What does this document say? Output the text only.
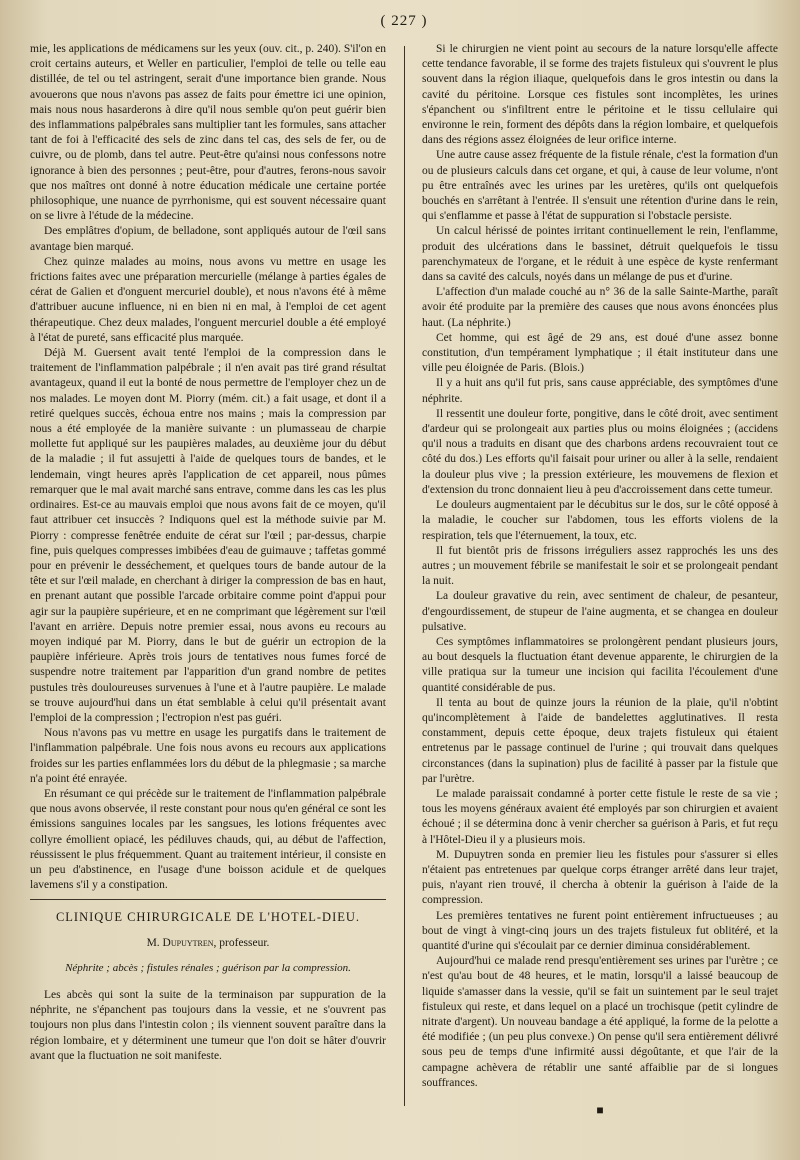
( 227 )

mie, les applications de médicamens sur les yeux (ouv. cit., p. 240). S'il'on en croit certains auteurs, et Weller en particulier, l'emploi de telle ou telle eau distillée, de tel ou tel astringent, serait d'une importance bien grande. Nous avouerons que nous n'avons pas assez de faits pour émettre ici une opinion, mais nous nous hasarderons à dire qu'il nous semble qu'on peut guérir bien des inflammations palpébrales sans multiplier tant les formules, sans attacher tant de foi à l'efficacité des sels de zinc dans tel cas, des sels de fer, ou de cuivre, ou de plomb, dans tel autre. Peut-être qu'ainsi nous confessons notre ignorance à bien des personnes ; peut-être, pour d'autres, ferons-nous savoir que nos maîtres ont donné à notre éducation médicale une certaine portée philosophique, une nuance de pyrrhonisme, qui est souvent nécessaire quant on se livre à l'étude de la médecine.

Des emplâtres d'opium, de belladone, sont appliqués autour de l'œil sans avantage bien marqué.

Chez quinze malades au moins, nous avons vu mettre en usage les frictions faites avec une préparation mercurielle (mélange à parties égales de cérat de Galien et d'onguent mercuriel double), et nous n'avons été à même d'attribuer aucune influence, ni en bien ni en mal, à l'emploi de cet agent thérapeutique. Chez deux malades, l'onguent mercuriel double a été employé à l'état de pureté, sans efficacité plus marquée.

Déjà M. Guersent avait tenté l'emploi de la compression dans le traitement de l'inflammation palpébrale ; il n'en avait pas tiré grand résultat avantageux, quand il eut la bonté de nous permettre de l'employer chez un de nos malades. Le moyen dont M. Piorry (mém. cit.) a fait usage, et dont il a retiré quelques succès, échoua entre nos mains ; mais la compression par nous a été employée de la manière suivante : un plumasseau de charpie mollette fut appliqué sur les paupières malades, au deuxième jour du début de la maladie ; il fut assujetti à l'aide de quelques tours de bandes, et le lendemain, vingt heures après l'application de cet appareil, nous pûmes remarquer que le mal avait marché sans entrave, comme dans les cas les plus ordinaires. Est-ce au mauvais emploi que nous avons fait de ce moyen, qu'il faut attribuer cet insuccès ? Indiquons quel est la méthode suivie par M. Piorry : compresse fenêtrée enduite de cérat sur l'œil ; par-dessus, charpie fine, puis quelques compresses imbibées d'eau de guimauve ; taffetas gommé pour en prévenir le desséchement, et quelques tours de bande autour de la tête et sur l'œil malade, en cherchant à diriger la compression de bas en haut, en prenant autant que possible l'arcade orbitaire comme point d'appui pour agir sur la paupière supérieure, et en ne comprimant que légèrement sur l'œil l'avant en arrière. Depuis notre premier essai, nous avons eu recours au moyen indiqué par M. Piorry, dans le but de guérir un ectropion de la paupière inférieure. Après trois jours de tentatives nous fumes forcé de suspendre notre traitement par l'apparition d'un grand nombre de petites pustules très douloureuses survenues à l'une et à l'autre paupière. Le malade se trouve aujourd'hui dans un état semblable à celui qu'il présentait avant l'emploi de la compression ; l'ectropion n'est pas guéri.

Nous n'avons pas vu mettre en usage les purgatifs dans le traitement de l'inflammation palpébrale. Une fois nous avons eu recours aux applications froides sur les parties enflammées lors du début de la phlegmasie ; sa marche n'a point été enrayée.

En résumant ce qui précède sur le traitement de l'inflammation palpébrale que nous avons observée, il reste constant pour nous qu'en général ce sont les émissions sanguines locales par les sangsues, les lotions fréquentes avec collyre émollient opiacé, les pédiluves chauds, qui, au début de l'affection, réussissent le plus fréquemment. Quant au traitement intérieur, il consiste en un peu d'abstinence, en l'usage d'une boisson acidule et de quelques lavemens s'il y a constipation.

CLINIQUE CHIRURGICALE DE L'HOTEL-DIEU.
M. Dupuytren, professeur.
Néphrite ; abcès ; fistules rénales ; guérison par la compression.

Les abcès qui sont la suite de la terminaison par suppuration de la néphrite, ne s'épanchent pas toujours dans la vessie, et ne s'ouvrent pas toujours non plus dans l'intestin colon ; ils viennent souvent paraître dans la région lombaire, et y déterminent une tumeur que l'on doit se hâter d'ouvrir avant que la fluctuation ne soit manifeste.

Si le chirurgien ne vient point au secours de la nature lorsqu'elle affecte cette tendance favorable, il se forme des trajets fistuleux qui s'ouvrent le plus souvent dans la région iliaque, quelquefois dans le gros intestin ou dans la cavité du péritoine. Lorsque ces fistules sont incomplètes, les urines s'épanchent ou s'infiltrent entre le péritoine et le tissu cellulaire qui environne le rein, forment des dépôts dans la région lombaire, et quelquefois dans des régions assez éloignées de leur orifice interne.

Une autre cause assez fréquente de la fistule rénale, c'est la formation d'un ou de plusieurs calculs dans cet organe, et qui, à cause de leur volume, n'ont pu être entraînés avec les urines par les uretères, qu'ils ont quelquefois bouchés en s'arrêtant à l'entrée. Il s'ensuit une rétention d'urine dans le rein, qui s'enflamme et passe à l'état de suppuration si l'obstacle persiste.

Un calcul hérissé de pointes irritant continuellement le rein, l'enflamme, produit des ulcérations dans le bassinet, détruit quelquefois le tissu parenchymateux de l'organe, et le réduit à une espèce de kyste renfermant dans sa cavité des calculs, noyés dans un mélange de pus et d'urine.

L'affection d'un malade couché au n° 36 de la salle Sainte-Marthe, paraît avoir été produite par la première des causes que nous avons énoncées plus haut. (La néphrite.)

Cet homme, qui est âgé de 29 ans, est doué d'une assez bonne constitution, d'un tempérament lymphatique ; il était instituteur dans une ville peu éloignée de Paris. (Blois.)

Il y a huit ans qu'il fut pris, sans cause appréciable, des symptômes d'une néphrite.

Il ressentit une douleur forte, pongitive, dans le côté droit, avec sentiment d'ardeur qui se prolongeait aux parties plus ou moins éloignées ; (accidens qu'il nous a traduits en disant que des charbons ardens recouvraient tout ce côté du dos.) Les efforts qu'il faisait pour uriner ou aller à la selle, rendaient la douleur plus vive ; la pression extérieure, les mouvemens de flexion et d'extension du tronc donnaient lieu à peu d'accroissement dans cette tumeur.

Le douleurs augmentaient par le décubitus sur le dos, sur le côté opposé à la maladie, le coucher sur l'abdomen, tous les efforts violens de la respiration, tels que l'éternuement, la toux, etc.

Il fut bientôt pris de frissons irréguliers assez rapprochés les uns des autres ; un mouvement fébrile se manifestait le soir et se prolongeait pendant la nuit.

La douleur gravative du rein, avec sentiment de chaleur, de pesanteur, d'engourdissement, de stupeur de l'aine augmenta, et se changea en douleur pulsative.

Ces symptômes inflammatoires se prolongèrent pendant plusieurs jours, au bout desquels la fluctuation étant devenue apparente, le chirurgien de la ville pratiqua sur la tumeur une incision qui facilita l'écoulement d'une quantité considérable de pus.

Il tenta au bout de quinze jours la réunion de la plaie, qu'il n'obtint qu'incomplètement à l'aide de bandelettes agglutinatives. Il resta constamment, depuis cette époque, deux trajets fistuleux qui étaient entretenus par le passage continuel de l'urine ; qui trouvait dans quelques circonstances (dans la supination) plus de facilité à passer par la fistule que par l'urètre.

Le malade paraissait condamné à porter cette fistule le reste de sa vie ; tous les moyens généraux avaient été employés par son chirurgien et avaient échoué ; il se détermina donc à venir chercher sa guérison à Paris, et fut reçu à l'Hôtel-Dieu il y a plusieurs mois.

M. Dupuytren sonda en premier lieu les fistules pour s'assurer si elles n'étaient pas entretenues par quelque corps étranger arrêté dans leur trajet, puis, n'ayant rien trouvé, il chercha à obtenir la guérison à l'aide de la compression.

Les premières tentatives ne furent point entièrement infructueuses ; au bout de vingt à vingt-cinq jours un des trajets fistuleux fut oblitéré, et la quantité d'urine qui s'écoulait par ce dernier diminua considérablement.

Aujourd'hui ce malade rend presqu'entièrement ses urines par l'urètre ; ce n'est qu'au bout de 48 heures, et le matin, lorsqu'il a laissé beaucoup de liquide s'amasser dans la vessie, qu'il se fait un suintement par le seul trajet fistuleux qui reste, et dans lequel on a placé un trochisque (petit cylindre de nitrate d'argent). Un nouveau bandage a été appliqué, la forme de la pelotte a été modifiée ; (un peu plus convexe.) On pense qu'il sera entièrement délivré sous peu de temps d'une infirmité aussi dégoûtante, et que l'air de la campagne achèvera de rétablir une santé affaiblie par de si longues souffrances.

■
